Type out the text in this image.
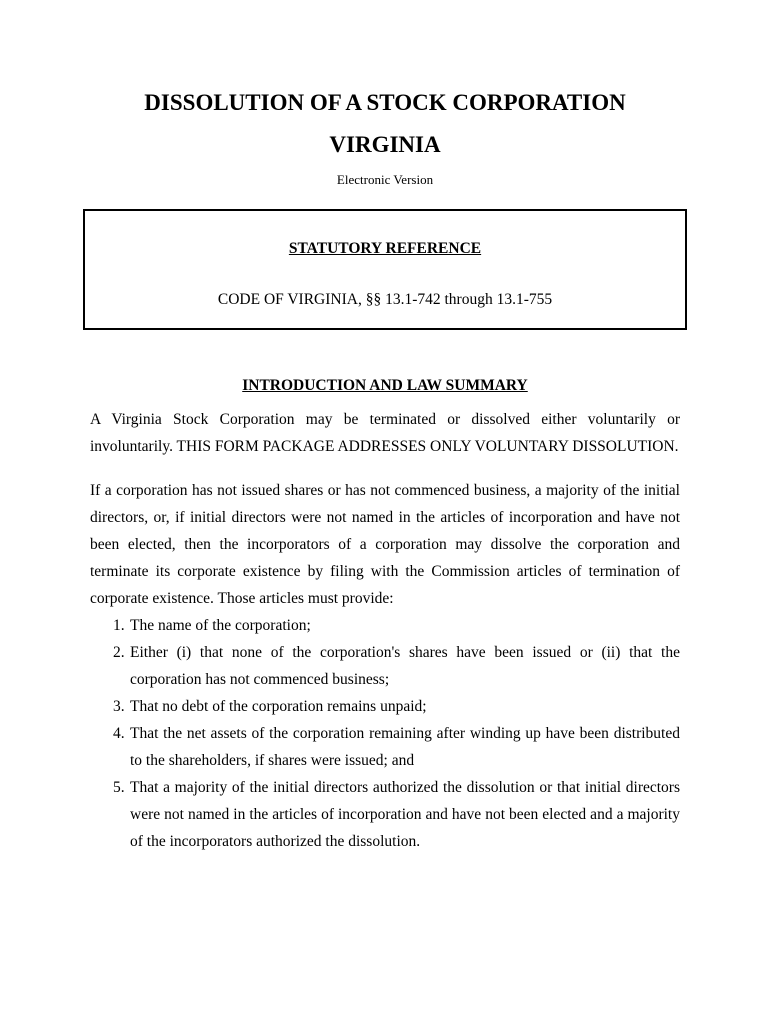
DISSOLUTION OF A STOCK CORPORATION
VIRGINIA
Electronic Version
STATUTORY REFERENCE
CODE OF VIRGINIA, §§ 13.1-742 through 13.1-755
INTRODUCTION AND LAW SUMMARY
A Virginia Stock Corporation may be terminated or dissolved either voluntarily or involuntarily. THIS FORM PACKAGE ADDRESSES ONLY VOLUNTARY DISSOLUTION.
If a corporation has not issued shares or has not commenced business, a majority of the initial directors, or, if initial directors were not named in the articles of incorporation and have not been elected, then the incorporators of a corporation may dissolve the corporation and terminate its corporate existence by filing with the Commission articles of termination of corporate existence. Those articles must provide:
1. The name of the corporation;
2. Either (i) that none of the corporation's shares have been issued or (ii) that the corporation has not commenced business;
3. That no debt of the corporation remains unpaid;
4. That the net assets of the corporation remaining after winding up have been distributed to the shareholders, if shares were issued; and
5. That a majority of the initial directors authorized the dissolution or that initial directors were not named in the articles of incorporation and have not been elected and a majority of the incorporators authorized the dissolution.
